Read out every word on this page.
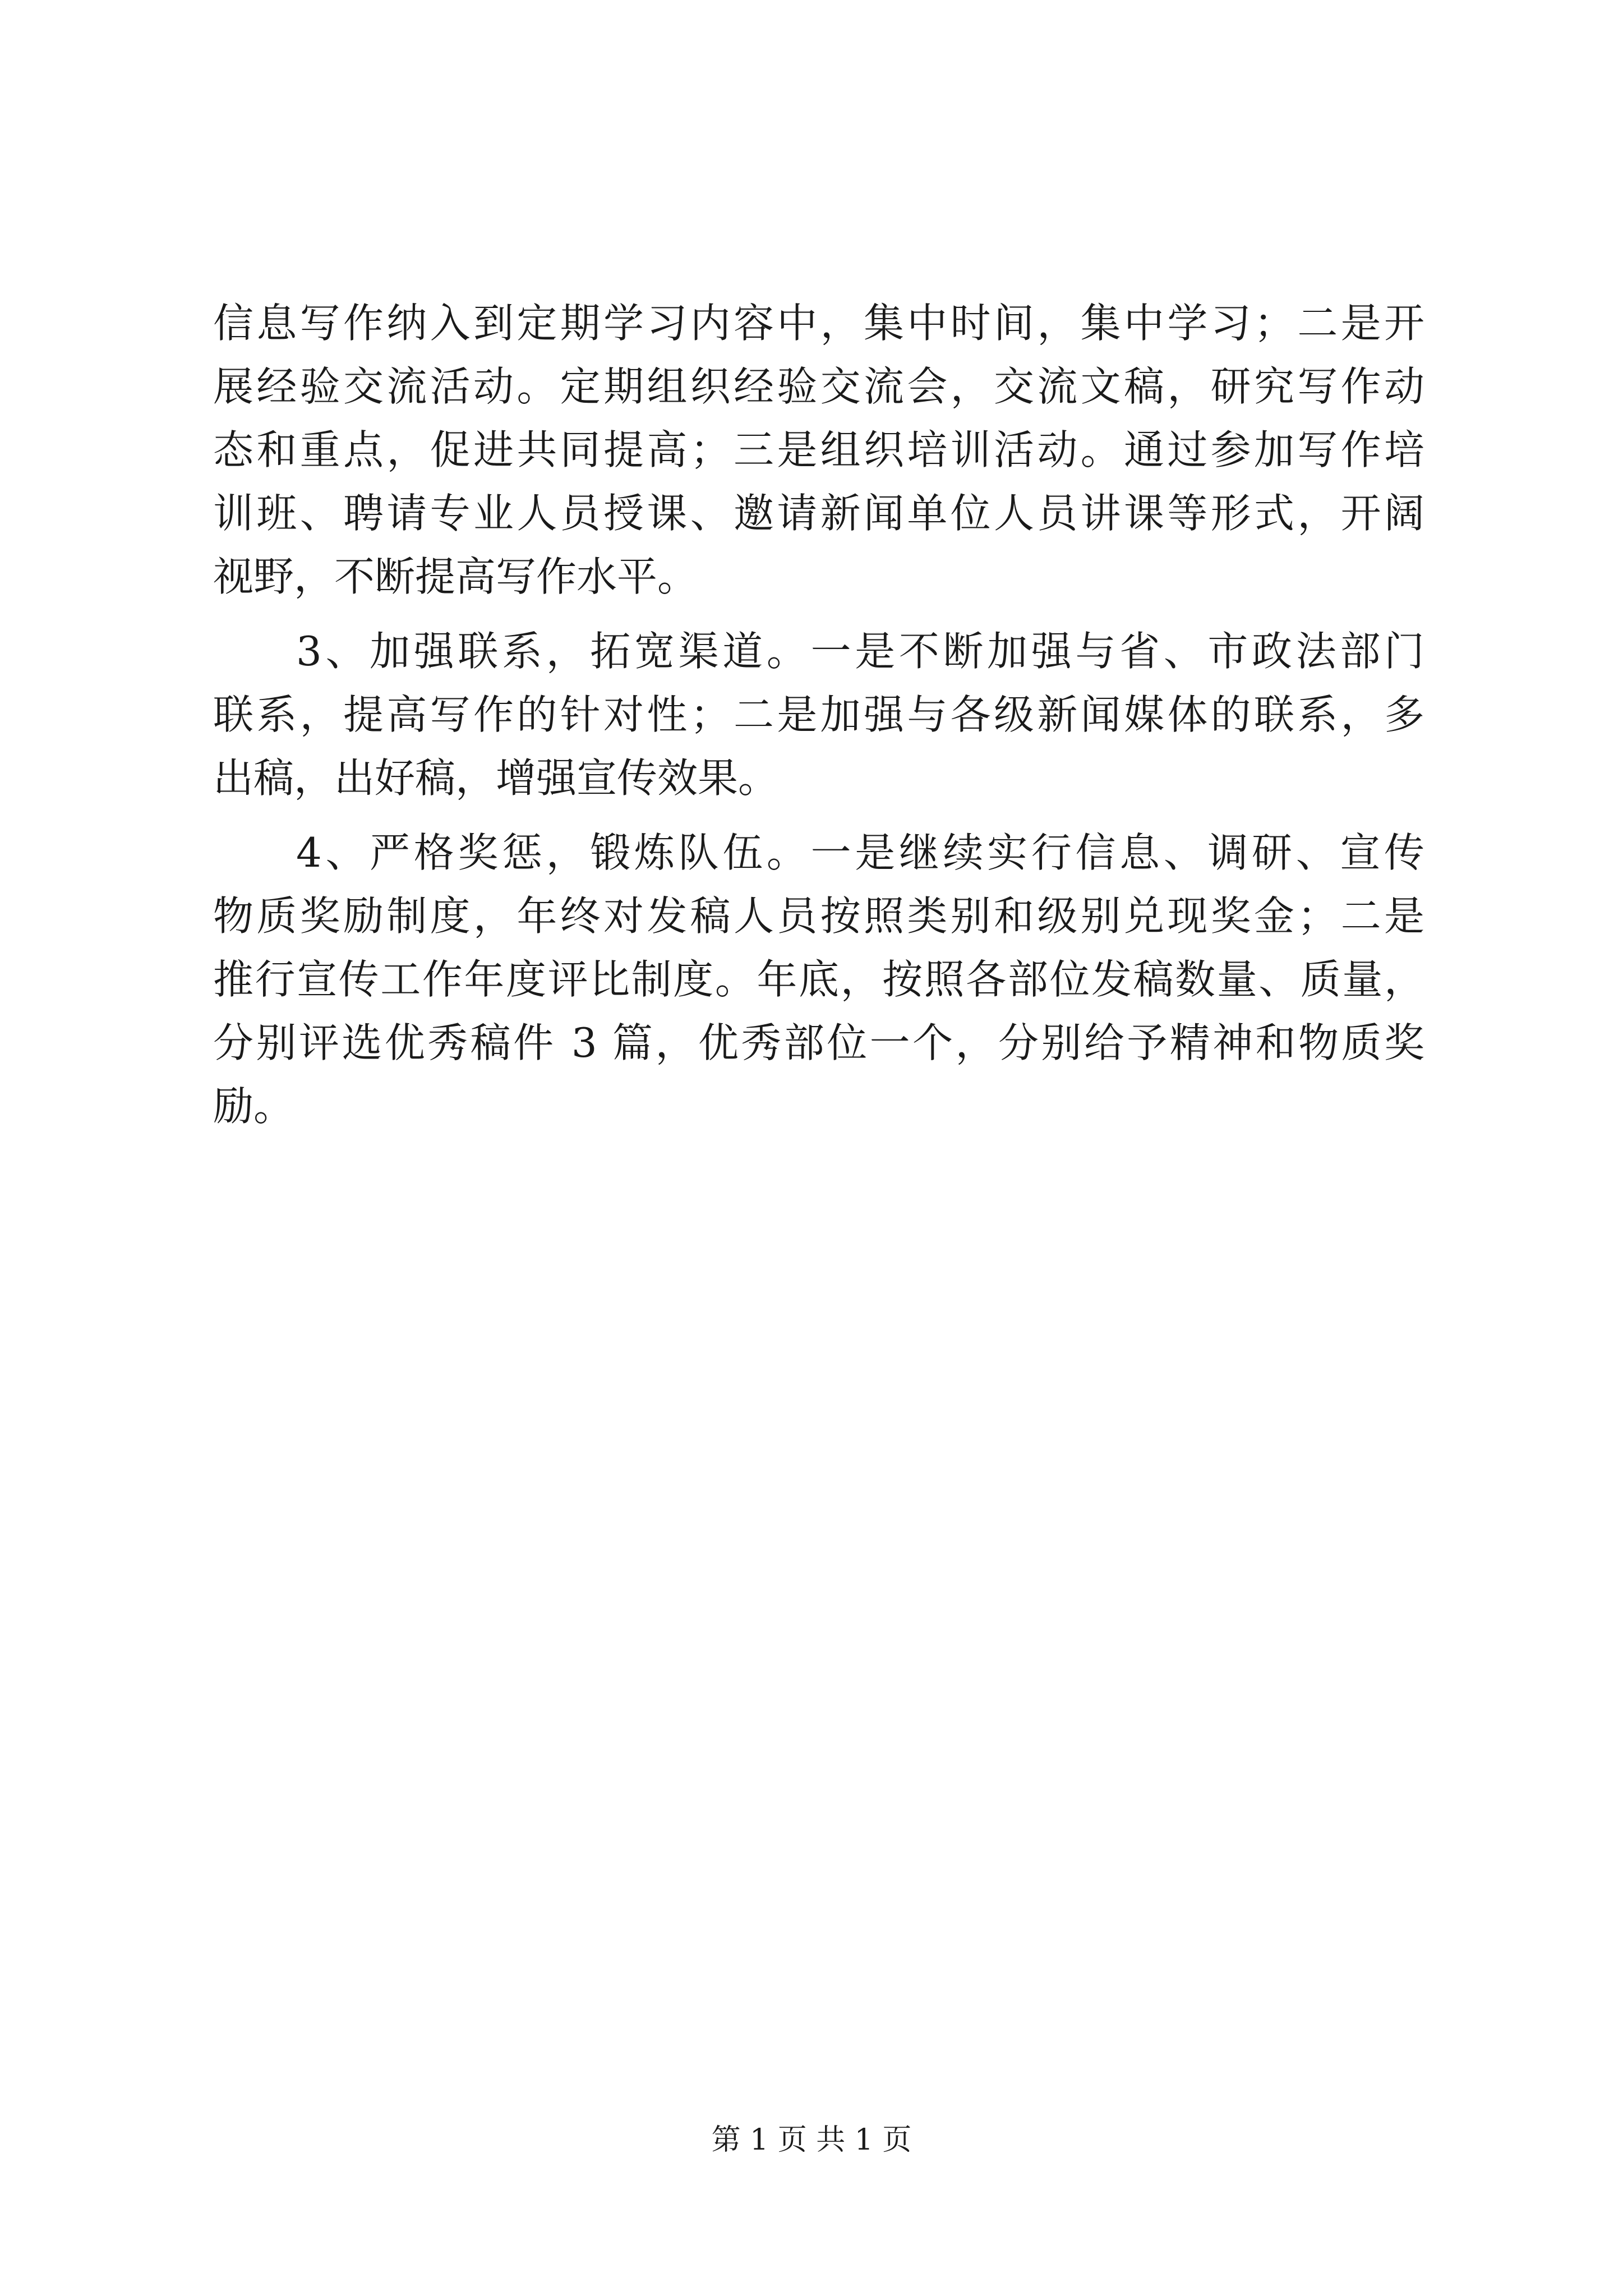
信息写作纳入到定期学习内容中，集中时间，集中学习；二是开
展经验交流活动。定期组织经验交流会，交流文稿，研究写作动
态和重点，促进共同提高；三是组织培训活动。通过参加写作培
训班、聘请专业人员授课、邀请新闻单位人员讲课等形式，开阔
视野，不断提高写作水平。
3、加强联系，拓宽渠道。一是不断加强与省、市政法部门
联系，提高写作的针对性；二是加强与各级新闻媒体的联系，多
出稿，出好稿，增强宣传效果。
4、严格奖惩，锻炼队伍。一是继续实行信息、调研、宣传
物质奖励制度，年终对发稿人员按照类别和级别兑现奖金；二是
推行宣传工作年度评比制度。年底，按照各部位发稿数量、质量，
分别评选优秀稿件 3 篇，优秀部位一个，分别给予精神和物质奖
励。
第 1 页 共 1 页
